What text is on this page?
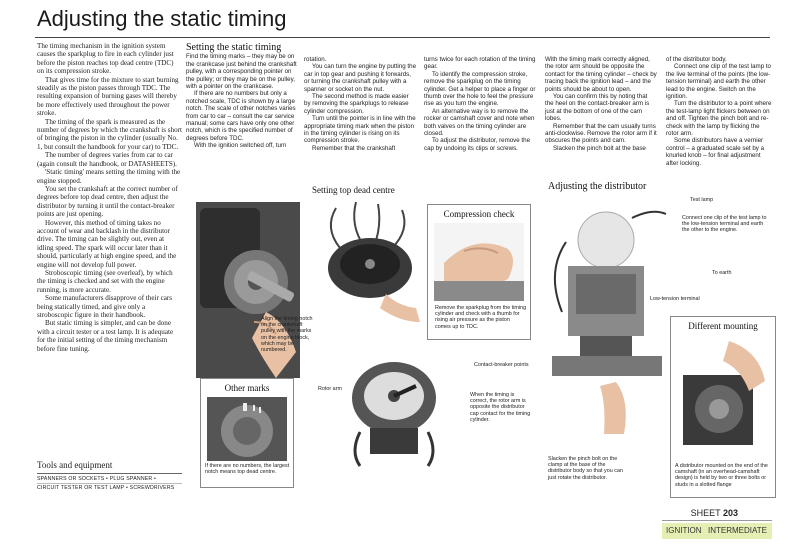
Adjusting the static timing

The timing mechanism in the ignition system causes the sparkplug to fire in each cylinder just before the piston reaches top dead centre (TDC) on its compression stroke.

That gives time for the mixture to start burning steadily as the piston passes through TDC. The resulting expansion of burning gases will thereby be more effectively used throughout the power stroke.

The timing of the spark is measured as the number of degrees by which the crankshaft is short of bringing the piston in the cylinder (usually No. 1, but consult the handbook for your car) to TDC.

The number of degrees varies from car to car (again consult the handbook, or DATASHEETS).

'Static timing' means setting the timing with the engine stopped.

You set the crankshaft at the correct number of degrees before top dead centre, then adjust the distributor by turning it until the contact-breaker points are just opening.

However, this method of timing takes no account of wear and backlash in the distributor drive. The timing can be slightly out, even at idling speed. The spark will occur later than it should, particularly at high engine speed, and the engine will not develop full power.

Stroboscopic timing (see overleaf), by which the timing is checked and set with the engine running, is more accurate.

Some manufacturers disapprove of their cars being statically timed, and give only a stroboscopic figure in their handbook.

But static timing is simpler, and can be done with a circuit tester or a test lamp. It is adequate for the initial setting of the timing mechanism before fine tuning.

Tools and equipment
SPANNERS OR SOCKETS • PLUG SPANNER •
CIRCUIT TESTER OR TEST LAMP • SCREWDRIVERS
Setting the static timing

Find the timing marks – they may be on the crankcase just behind the crankshaft pulley, with a corresponding pointer on the pulley; or they may be on the pulley, with a pointer on the crankcase.

If there are no numbers but only a notched scale, TDC is shown by a large notch. The scale of other notches varies from car to car – consult the car service manual; some cars have only one other notch, which is the specified number of degrees before TDC.

With the ignition switched off, turn

rotation.

You can turn the engine by putting the car in top gear and pushing it forwards, or turning the crankshaft pulley with a spanner or socket on the nut.

The second method is made easier by removing the sparkplugs to release cylinder compression.

Turn until the pointer is in line with the appropriate timing mark when the piston in the timing cylinder is rising on its compression stroke.

Remember that the crankshaft

turns twice for each rotation of the timing gear.

To identify the compression stroke, remove the sparkplug on the timing cylinder. Get a helper to place a finger or thumb over the hole to feel the pressure rise as you turn the engine.

An alternative way is to remove the rocker or camshaft cover and note when both valves on the timing cylinder are closed.

To adjust the distributor, remove the cap by undoing its clips or screws.

With the timing mark correctly aligned, the rotor arm should be opposite the contact for the timing cylinder – check by tracing back the ignition lead – and the points should be about to open.

You can confirm this by noting that the heel on the contact-breaker arm is just at the bottom of one of the cam lobes.

Remember that the cam usually turns anti-clockwise. Remove the rotor arm if it obscures the points and cam.

Slacken the pinch bolt at the base

of the distributor body.

Connect one clip of the test lamp to the live terminal of the points (the low-tension terminal) and earth the other lead to the engine. Switch on the ignition.

Turn the distributor to a point where the test-lamp light flickers between on and off. Tighten the pinch bolt and re-check with the lamp by flicking the rotor arm.

Some distributors have a vernier control – a graduated scale set by a knurled knob – for final adjustment after locking.

Setting top dead centre
Align the timing notch on the crankshaft pulley with the marks on the engine block, which may be numbered.
Compression check
Remove the sparkplug from the timing cylinder and check with a thumb for rising air pressure as the piston comes up to TDC.
Other marks
If there are no numbers, the largest notch means top dead centre.
Contact-breaker points
Rotor arm
When the timing is correct, the rotor arm is opposite the distributor cap contact for the timing cylinder.
Adjusting the distributor
Test lamp
Connect one clip of the test lamp to the low-tension terminal and earth the other to the engine.
To earth
Low-tension terminal
Slacken the pinch bolt on the clamp at the base of the distributor body so that you can just rotate the distributor.
Different mounting
A distributor mounted on the end of the camshaft (in an overhead-camshaft design) is held by two or three bolts or studs in a slotted flange
SHEET 203
IGNITION INTERMEDIATE
